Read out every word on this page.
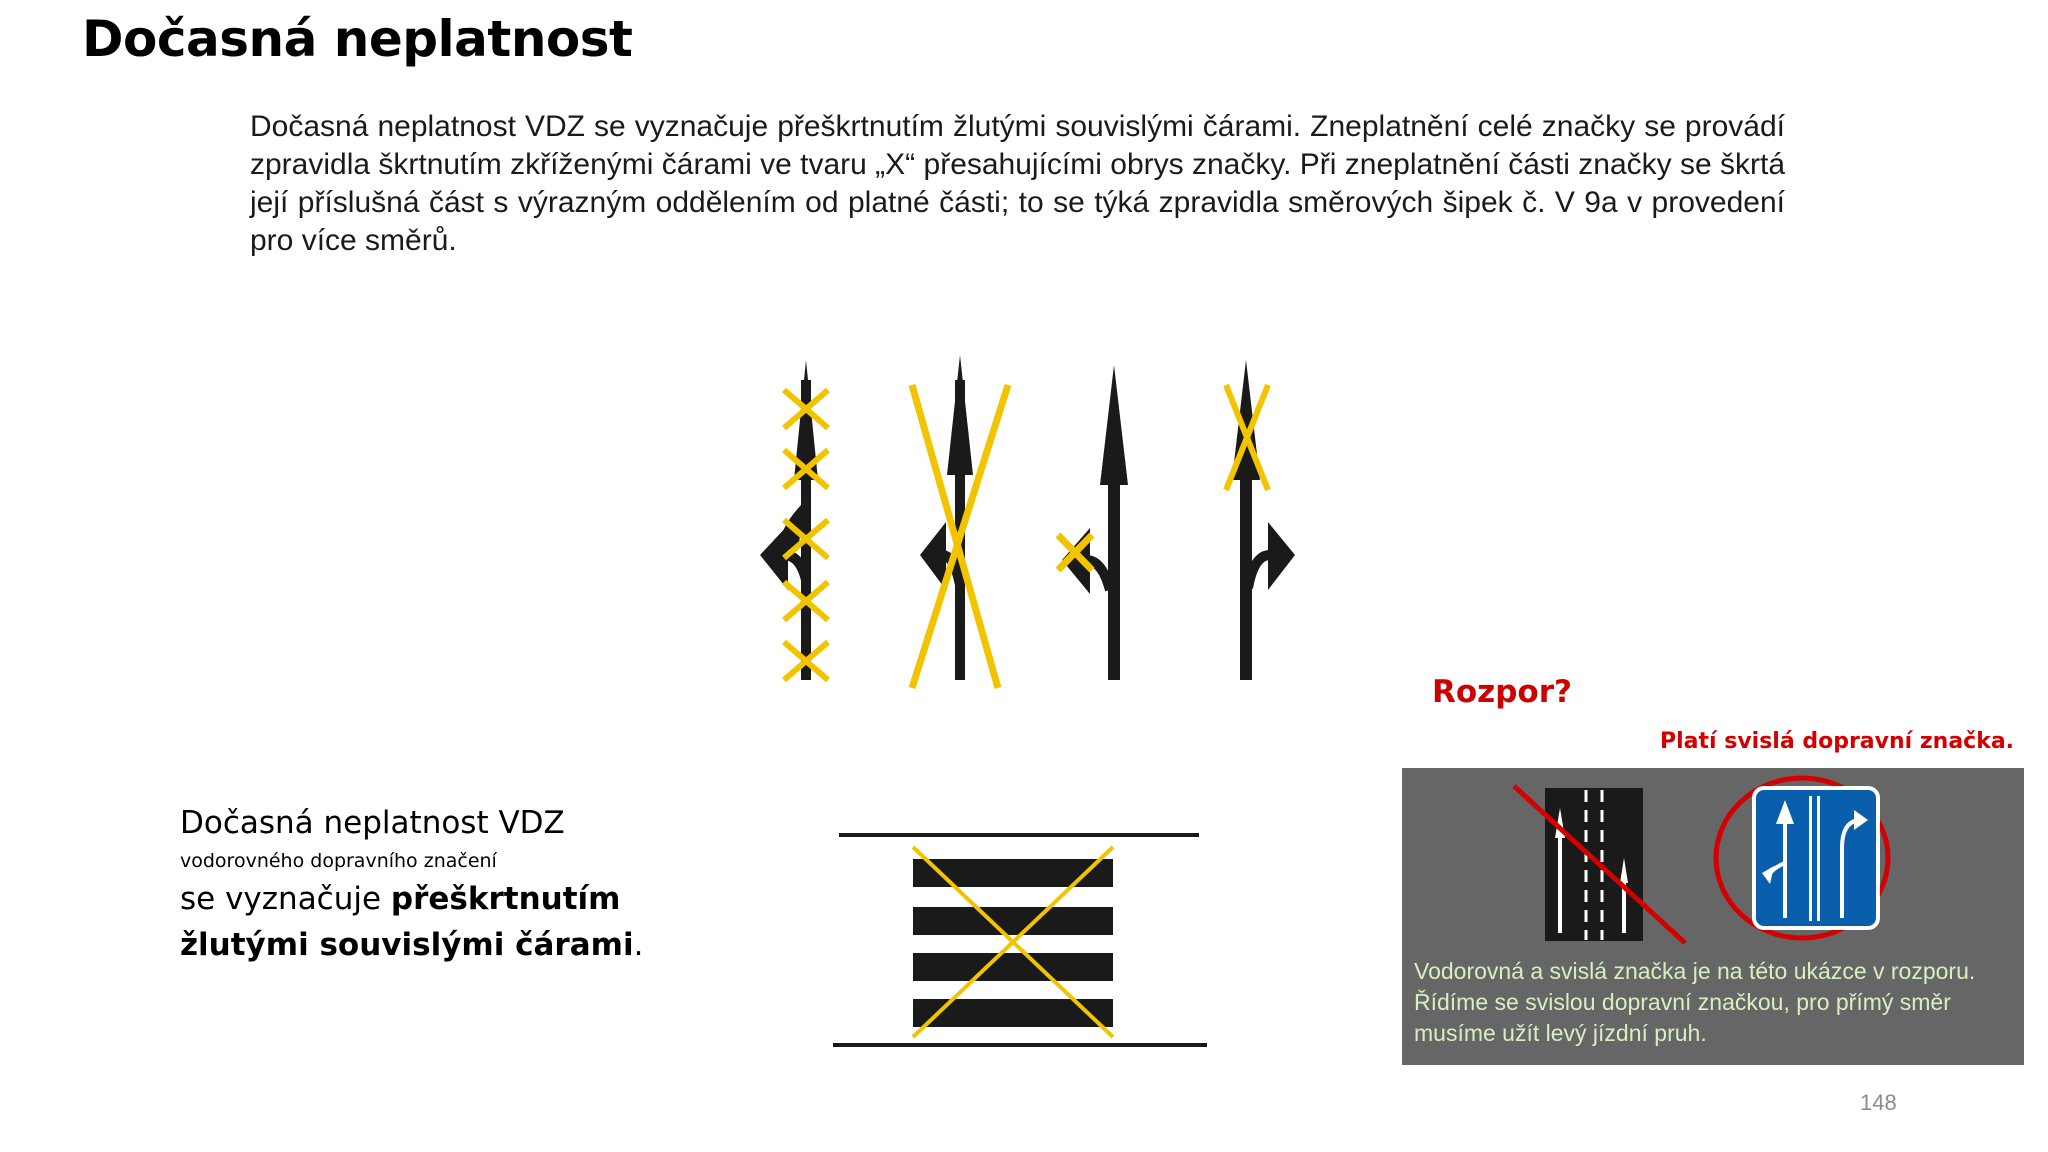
Dočasná neplatnost

Dočasná neplatnost VDZ se vyznačuje přeškrtnutím žlutými souvislými čárami. Zneplatnění celé značky se provádí zpravidla škrtnutím zkříženými čárami ve tvaru „X“ přesahujícími obrys značky. Při zneplatnění části značky se škrtá její příslušná část s výrazným oddělením od platné části; to se týká zpravidla směrových šipek č. V 9a v provedení pro více směrů.

Dočasná neplatnost VDZ
vodorovného dopravního značení
se vyznačuje přeškrtnutím
žlutými souvislými čárami.
Rozpor?
Platí svislá dopravní značka.

Vodorovná a svislá značka je na této ukázce v rozporu. Řídíme se svislou dopravní značkou, pro přímý směr musíme užít levý jízdní pruh.

148
